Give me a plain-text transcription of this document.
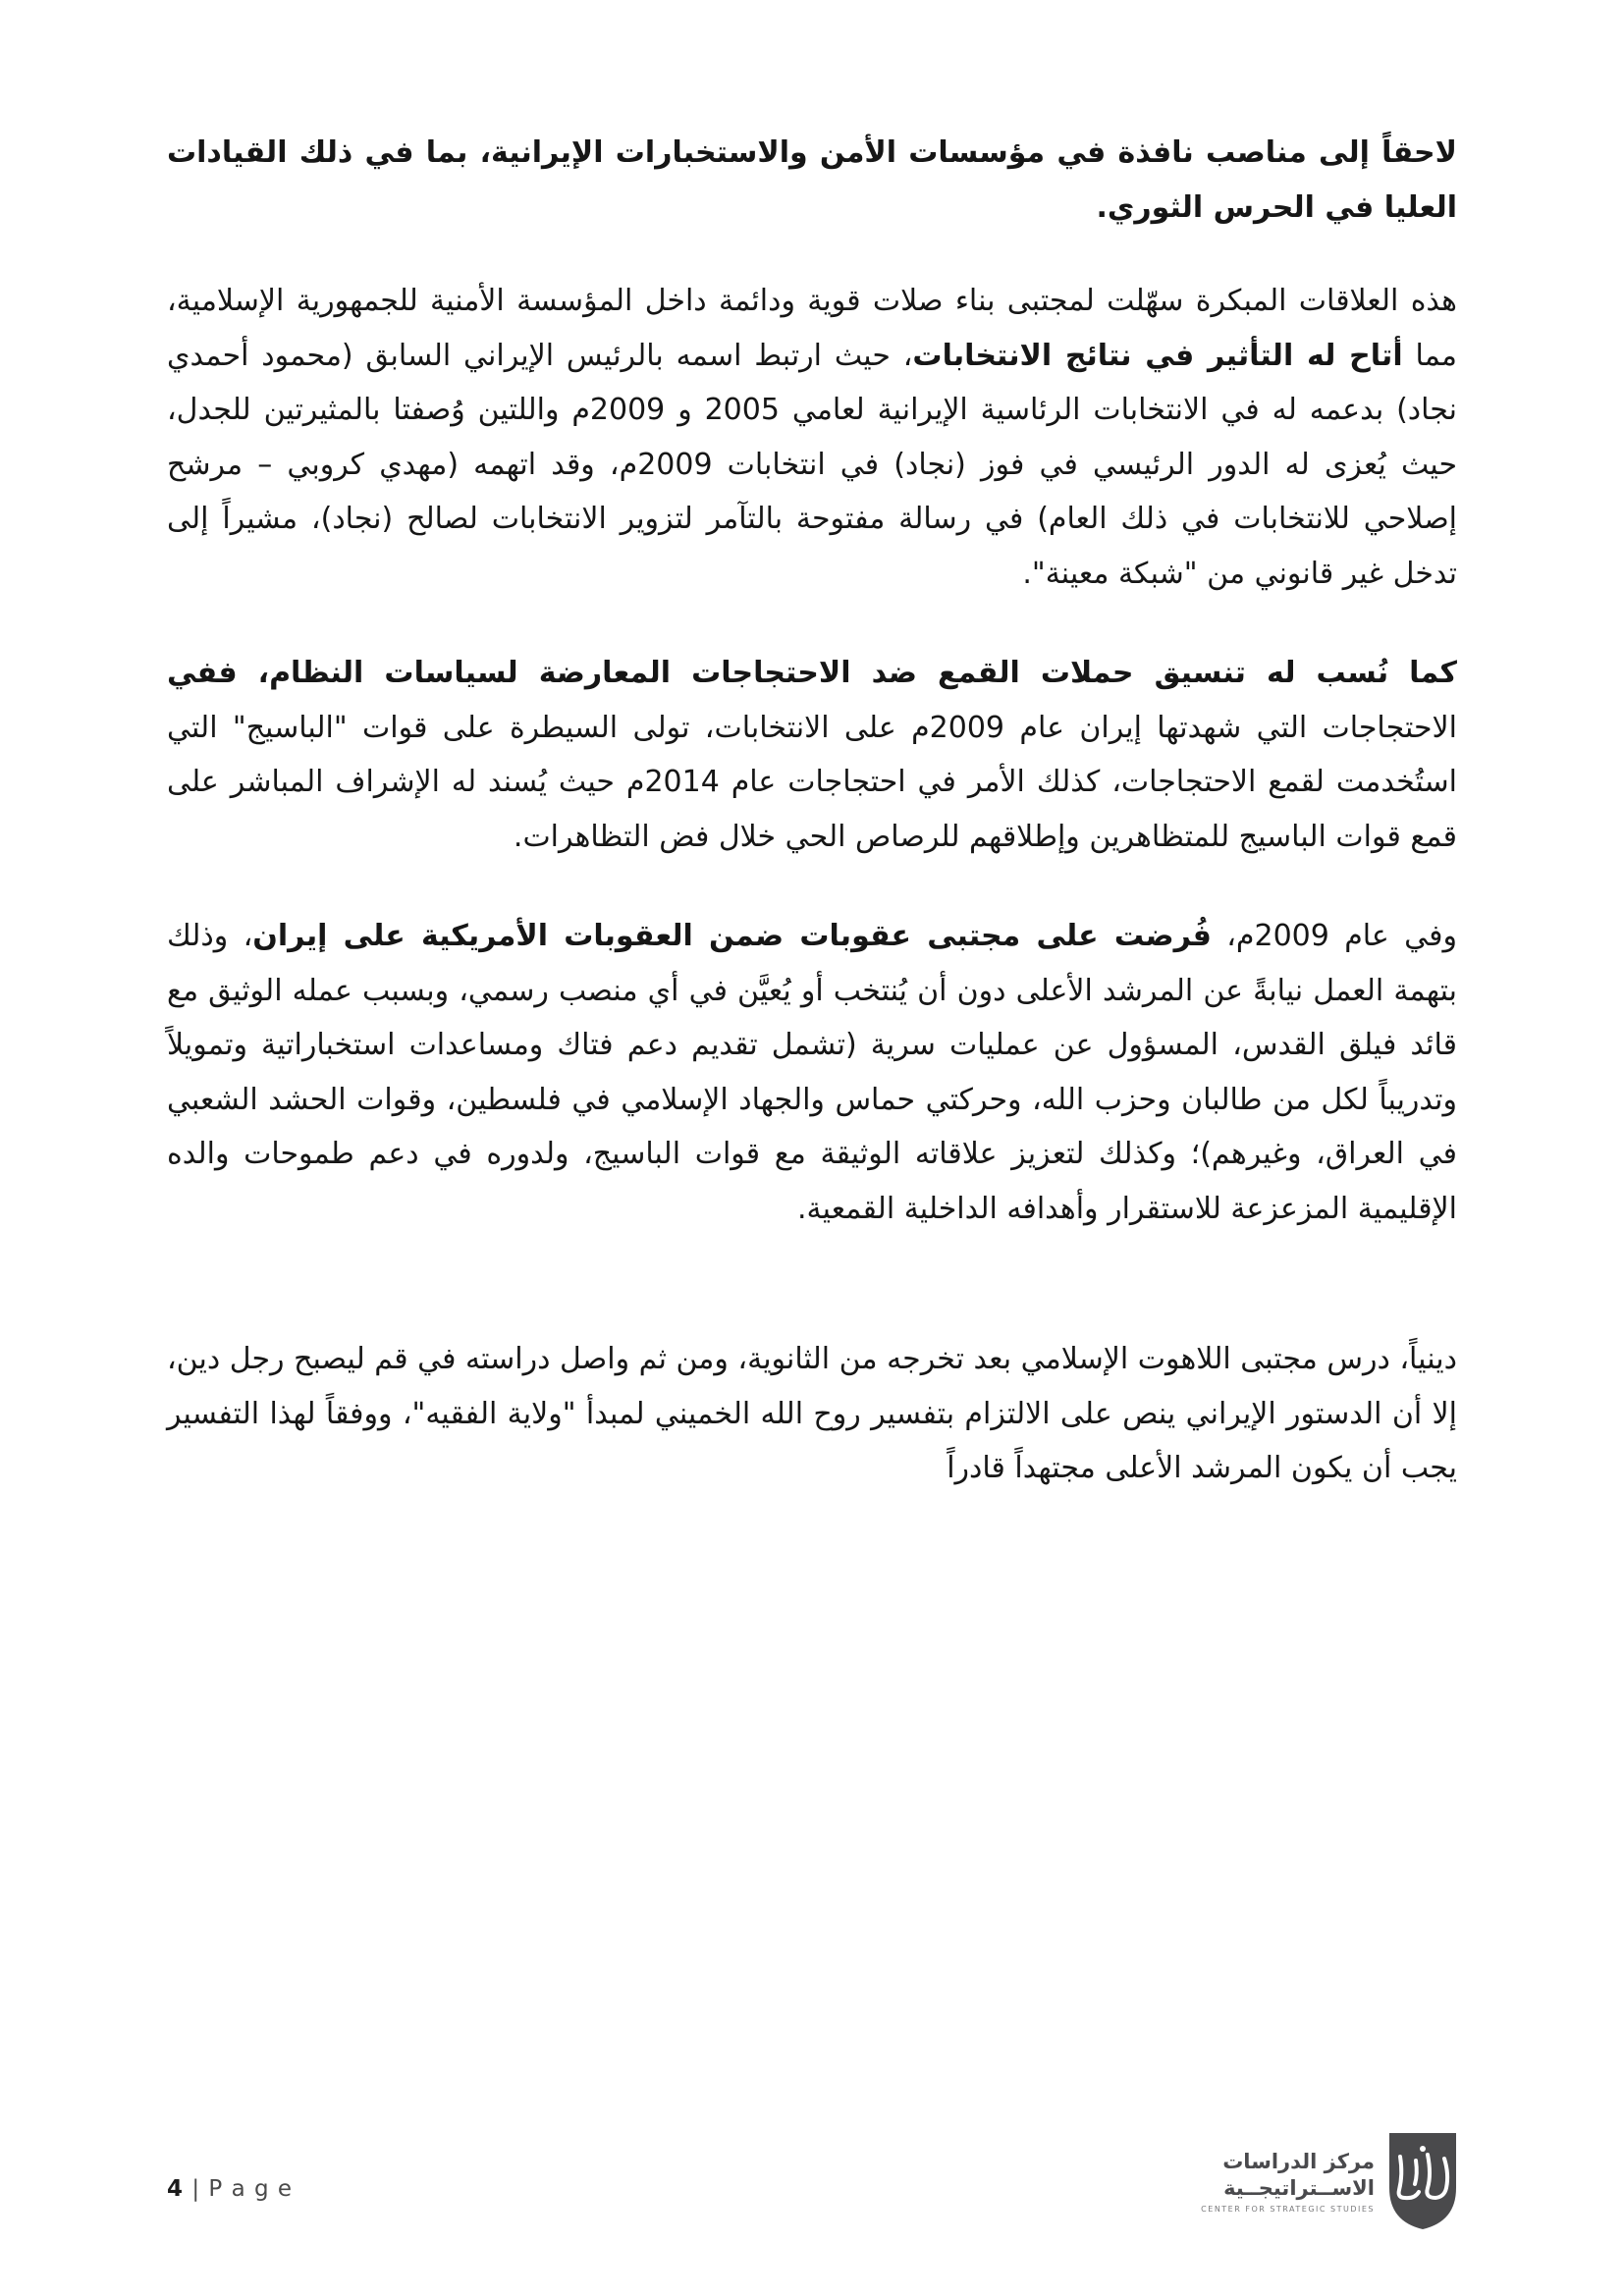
لاحقاً إلى مناصب نافذة في مؤسسات الأمن والاستخبارات الإيرانية، بما في ذلك القيادات العليا في الحرس الثوري.

هذه العلاقات المبكرة سهّلت لمجتبى بناء صلات قوية ودائمة داخل المؤسسة الأمنية للجمهورية الإسلامية، مما أتاح له التأثير في نتائج الانتخابات، حيث ارتبط اسمه بالرئيس الإيراني السابق (محمود أحمدي نجاد) بدعمه له في الانتخابات الرئاسية الإيرانية لعامي 2005 و 2009م واللتين وُصفتا بالمثيرتين للجدل، حيث يُعزى له الدور الرئيسي في فوز (نجاد) في انتخابات 2009م، وقد اتهمه (مهدي كروبي – مرشح إصلاحي للانتخابات في ذلك العام) في رسالة مفتوحة بالتآمر لتزوير الانتخابات لصالح (نجاد)، مشيراً إلى تدخل غير قانوني من "شبكة معينة".

كما نُسب له تنسيق حملات القمع ضد الاحتجاجات المعارضة لسياسات النظام، ففي الاحتجاجات التي شهدتها إيران عام 2009م على الانتخابات، تولى السيطرة على قوات "الباسيج" التي استُخدمت لقمع الاحتجاجات، كذلك الأمر في احتجاجات عام 2014م حيث يُسند له الإشراف المباشر على قمع قوات الباسيج للمتظاهرين وإطلاقهم للرصاص الحي خلال فض التظاهرات.

وفي عام 2009م، فُرضت على مجتبى عقوبات ضمن العقوبات الأمريكية على إيران، وذلك بتهمة العمل نيابةً عن المرشد الأعلى دون أن يُنتخب أو يُعيَّن في أي منصب رسمي، وبسبب عمله الوثيق مع قائد فيلق القدس، المسؤول عن عمليات سرية (تشمل تقديم دعم فتاك ومساعدات استخباراتية وتمويلاً وتدريباً لكل من طالبان وحزب الله، وحركتي حماس والجهاد الإسلامي في فلسطين، وقوات الحشد الشعبي في العراق، وغيرهم)؛ وكذلك لتعزيز علاقاته الوثيقة مع قوات الباسيج، ولدوره في دعم طموحات والده الإقليمية المزعزعة للاستقرار وأهدافه الداخلية القمعية.

دينياً، درس مجتبى اللاهوت الإسلامي بعد تخرجه من الثانوية، ومن ثم واصل دراسته في قم ليصبح رجل دين، إلا أن الدستور الإيراني ينص على الالتزام بتفسير روح الله الخميني لمبدأ "ولاية الفقيه"، ووفقاً لهذا التفسير يجب أن يكون المرشد الأعلى مجتهداً قادراً

4 | P a g e
مركز الدراسات
الاســتراتيجــية
CENTER FOR STRATEGIC STUDIES
